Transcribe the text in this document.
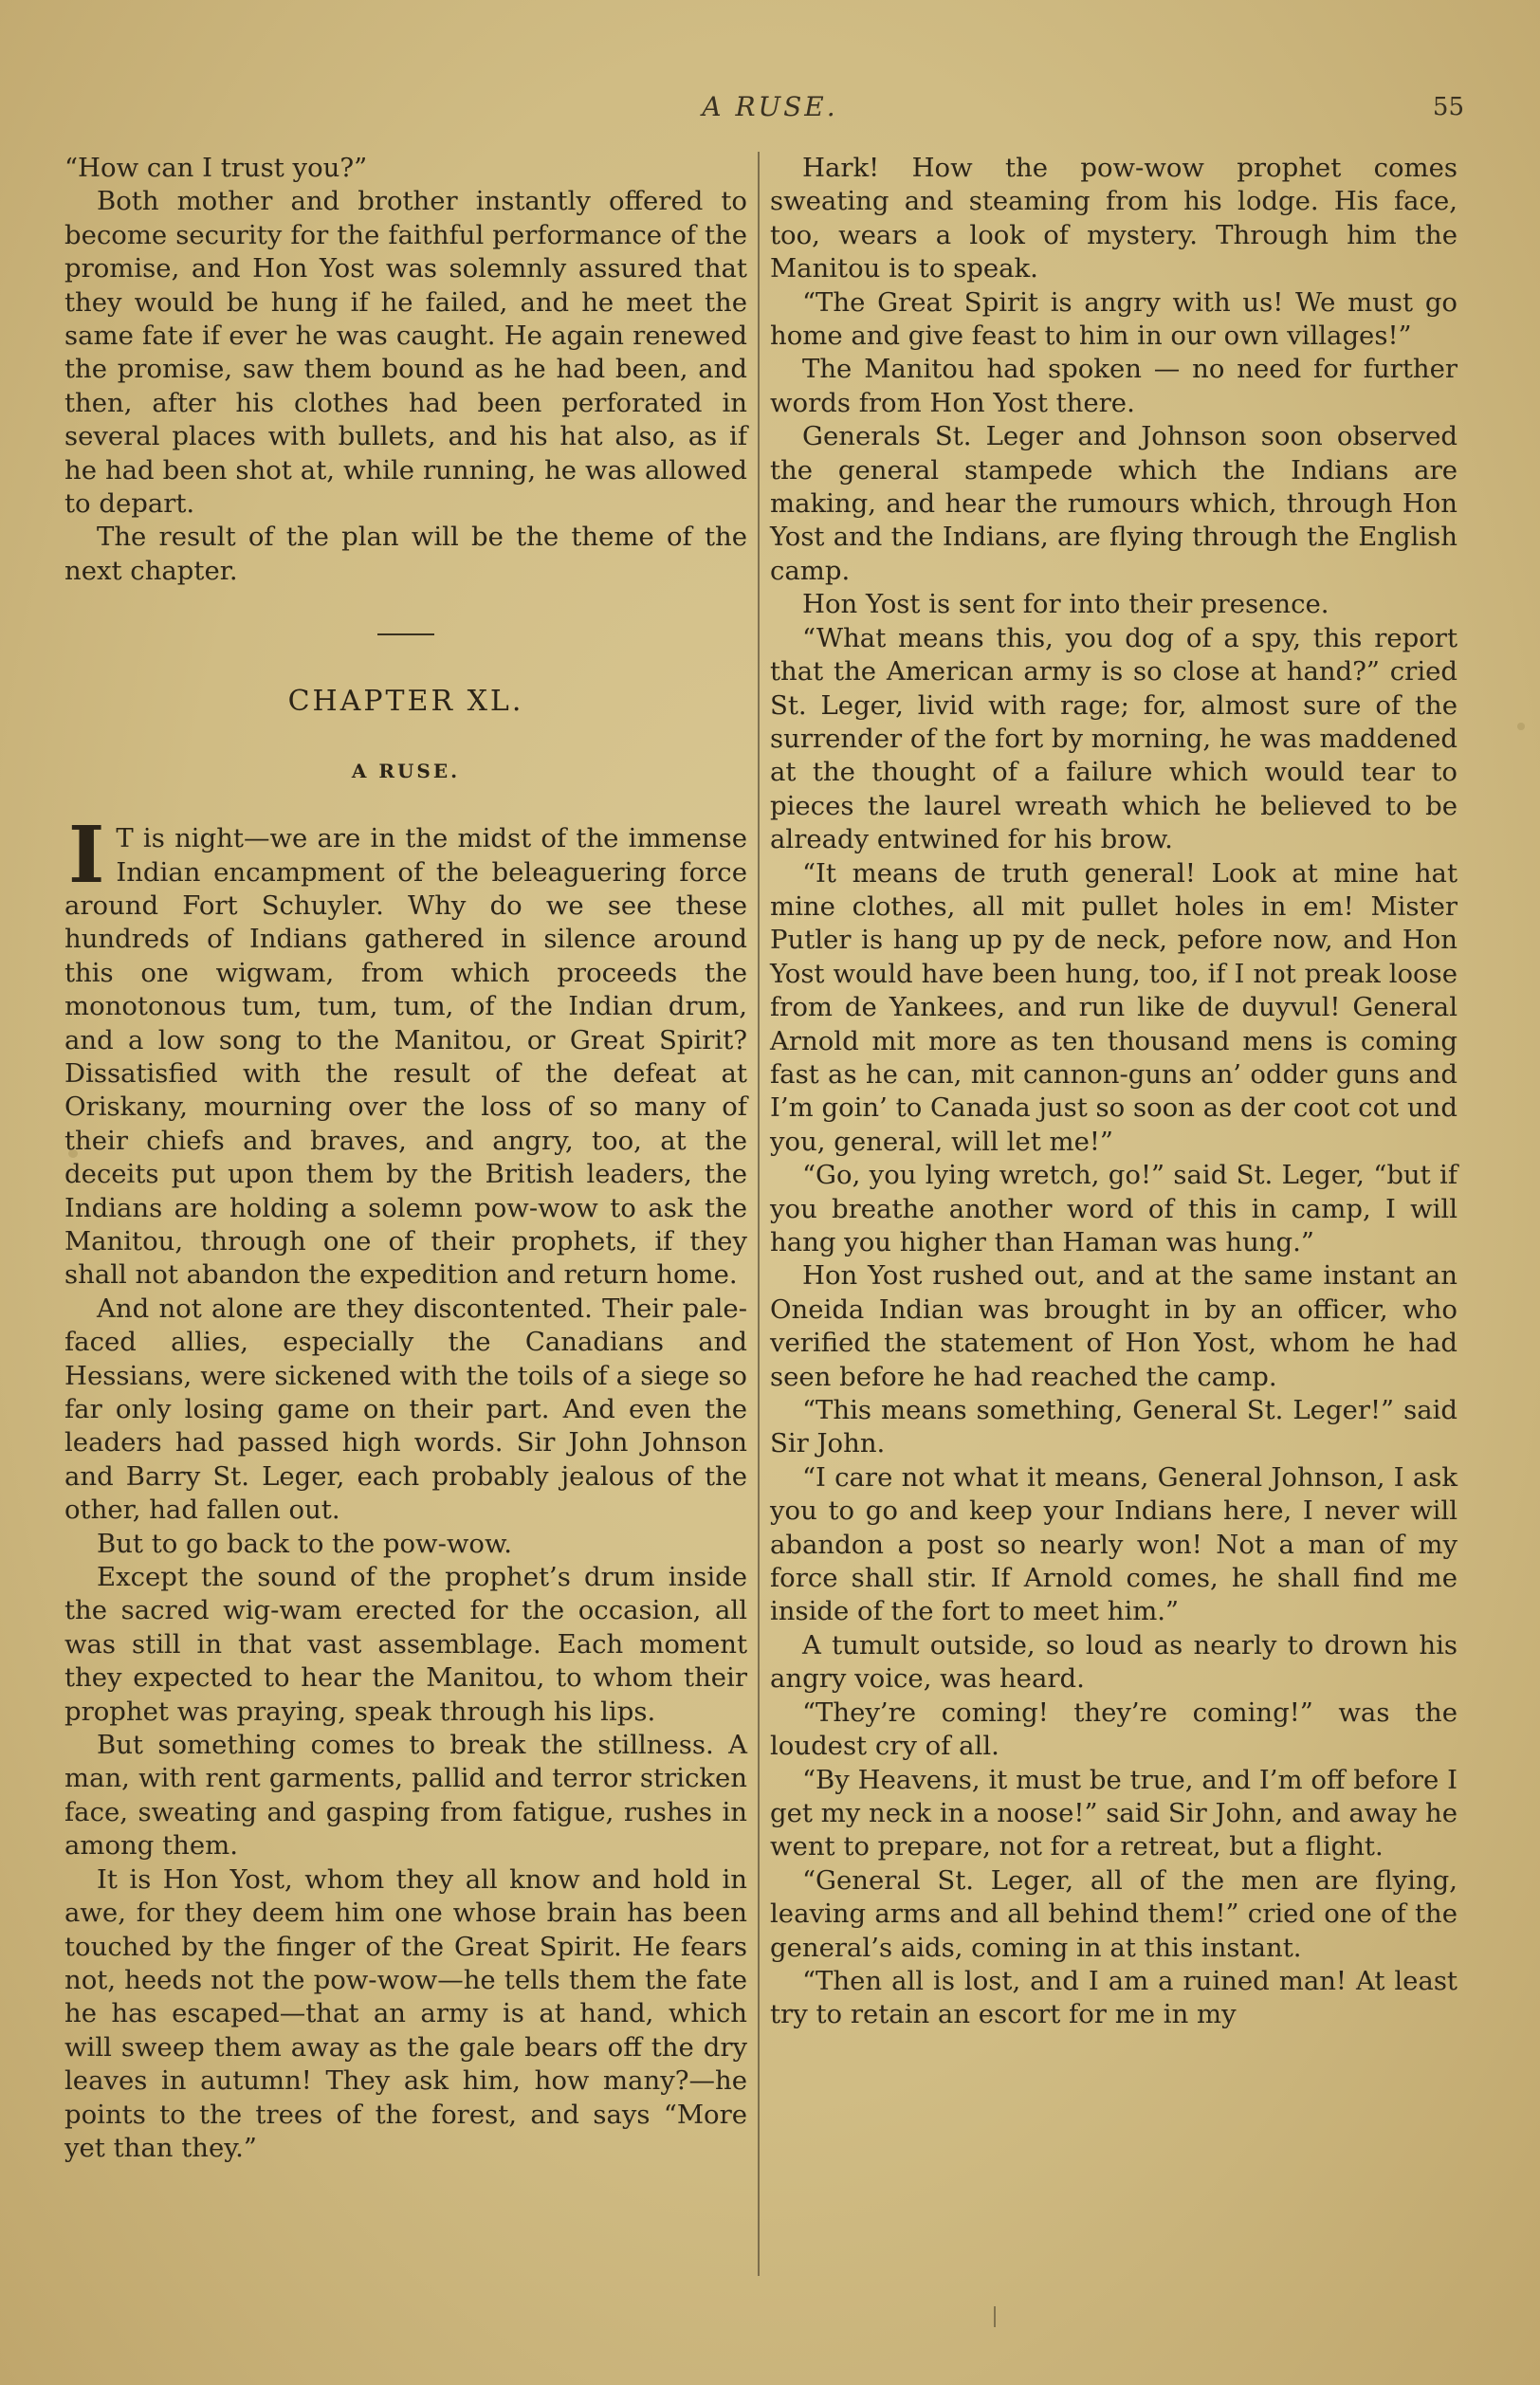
A RUSE.	55

“How can I trust you?”

Both mother and brother instantly offered to become security for the faithful performance of the promise, and Hon Yost was solemnly assured that they would be hung if he failed, and he meet the same fate if ever he was caught. He again renewed the promise, saw them bound as he had been, and then, after his clothes had been perforated in several places with bullets, and his hat also, as if he had been shot at, while running, he was allowed to depart.

The result of the plan will be the theme of the next chapter.

CHAPTER XL.
A RUSE.

I T is night—we are in the midst of the immense Indian encampment of the beleaguering force around Fort Schuyler. Why do we see these hundreds of Indians gathered in silence around this one wigwam, from which proceeds the monotonous tum, tum, tum, of the Indian drum, and a low song to the Manitou, or Great Spirit? Dissatisfied with the result of the defeat at Oriskany, mourning over the loss of so many of their chiefs and braves, and angry, too, at the deceits put upon them by the British leaders, the Indians are holding a solemn pow-wow to ask the Manitou, through one of their prophets, if they shall not abandon the expedition and return home.

And not alone are they discontented. Their pale-faced allies, especially the Canadians and Hessians, were sickened with the toils of a siege so far only losing game on their part. And even the leaders had passed high words. Sir John Johnson and Barry St. Leger, each probably jealous of the other, had fallen out.

But to go back to the pow-wow.

Except the sound of the prophet’s drum inside the sacred wig-wam erected for the occasion, all was still in that vast assemblage. Each moment they expected to hear the Manitou, to whom their prophet was praying, speak through his lips.

But something comes to break the stillness. A man, with rent garments, pallid and terror stricken face, sweating and gasping from fatigue, rushes in among them.

It is Hon Yost, whom they all know and hold in awe, for they deem him one whose brain has been touched by the finger of the Great Spirit. He fears not, heeds not the pow-wow—he tells them the fate he has escaped—that an army is at hand, which will sweep them away as the gale bears off the dry leaves in autumn! They ask him, how many?—he points to the trees of the forest, and says “More yet than they.”

Hark! How the pow-wow prophet comes sweating and steaming from his lodge. His face, too, wears a look of mystery. Through him the Manitou is to speak.

“The Great Spirit is angry with us! We must go home and give feast to him in our own villages!”

The Manitou had spoken — no need for further words from Hon Yost there.

Generals St. Leger and Johnson soon observed the general stampede which the Indians are making, and hear the rumours which, through Hon Yost and the Indians, are flying through the English camp.

Hon Yost is sent for into their presence.

“What means this, you dog of a spy, this report that the American army is so close at hand?” cried St. Leger, livid with rage; for, almost sure of the surrender of the fort by morning, he was maddened at the thought of a failure which would tear to pieces the laurel wreath which he believed to be already entwined for his brow.

“It means de truth general! Look at mine hat mine clothes, all mit pullet holes in em! Mister Putler is hang up py de neck, pefore now, and Hon Yost would have been hung, too, if I not preak loose from de Yankees, and run like de duyvul! General Arnold mit more as ten thousand mens is coming fast as he can, mit cannon-guns an’ odder guns and I’m goin’ to Canada just so soon as der coot cot und you, general, will let me!”

“Go, you lying wretch, go!” said St. Leger, “but if you breathe another word of this in camp, I will hang you higher than Haman was hung.”

Hon Yost rushed out, and at the same instant an Oneida Indian was brought in by an officer, who verified the statement of Hon Yost, whom he had seen before he had reached the camp.

“This means something, General St. Leger!” said Sir John.

“I care not what it means, General Johnson, I ask you to go and keep your Indians here, I never will abandon a post so nearly won! Not a man of my force shall stir. If Arnold comes, he shall find me inside of the fort to meet him.”

A tumult outside, so loud as nearly to drown his angry voice, was heard.

“They’re coming! they’re coming!” was the loudest cry of all.

“By Heavens, it must be true, and I’m off before I get my neck in a noose!” said Sir John, and away he went to prepare, not for a retreat, but a flight.

“General St. Leger, all of the men are flying, leaving arms and all behind them!” cried one of the general’s aids, coming in at this instant.

“Then all is lost, and I am a ruined man! At least try to retain an escort for me in my
